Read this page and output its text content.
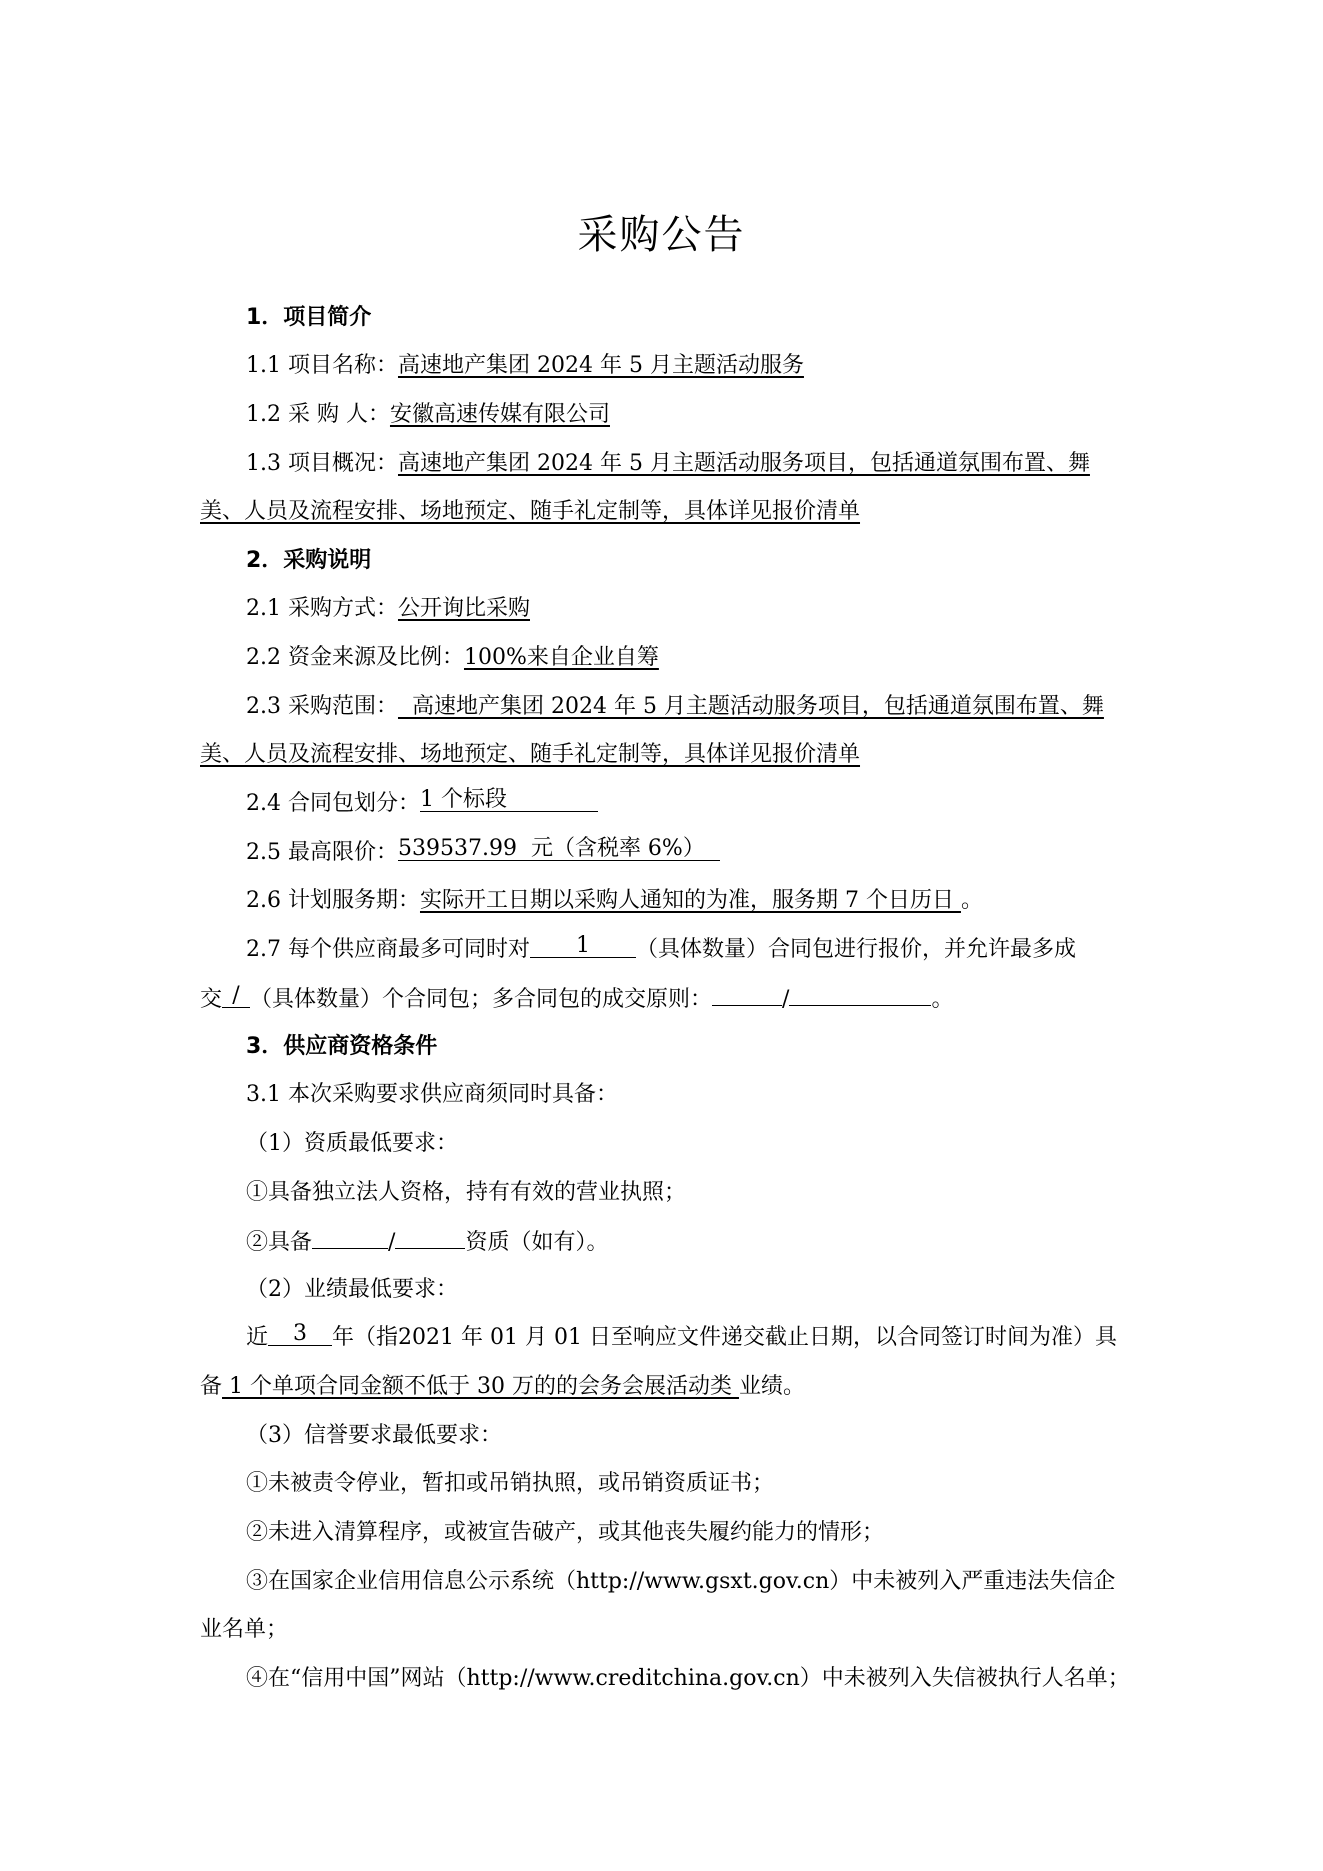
采购公告
1．项目简介
1.1 项目名称：高速地产集团 2024 年 5 月主题活动服务
1.2 采 购 人：安徽高速传媒有限公司
1.3 项目概况：高速地产集团 2024 年 5 月主题活动服务项目，包括通道氛围布置、舞
美、人员及流程安排、场地预定、随手礼定制等，具体详见报价清单
2．采购说明
2.1 采购方式：公开询比采购
2.2 资金来源及比例：100%来自企业自筹
2.3 采购范围：  高速地产集团 2024 年 5 月主题活动服务项目，包括通道氛围布置、舞
美、人员及流程安排、场地预定、随手礼定制等，具体详见报价清单
2.4 合同包划分：1 个标段
2.5 最高限价：539537.99  元（含税率 6%）
2.6 计划服务期：实际开工日期以采购人通知的为准，服务期 7 个日历日 。
2.7 每个供应商最多可同时对 1 （具体数量）合同包进行报价，并允许最多成
交 / （具体数量）个合同包；多合同包的成交原则：	/	。
3．供应商资格条件
3.1 本次采购要求供应商须同时具备：
（1）资质最低要求：
①具备独立法人资格，持有有效的营业执照；
②具备	/	资质（如有）。
（2）业绩最低要求：
近 3 年（指2021 年 01 月 01 日至响应文件递交截止日期，以合同签订时间为准）具
备 1 个单项合同金额不低于 30 万的的会务会展活动类 业绩。
（3）信誉要求最低要求：
①未被责令停业，暂扣或吊销执照，或吊销资质证书；
②未进入清算程序，或被宣告破产，或其他丧失履约能力的情形；
③在国家企业信用信息公示系统（http://www.gsxt.gov.cn）中未被列入严重违法失信企
业名单；
④在“信用中国”网站（http://www.creditchina.gov.cn）中未被列入失信被执行人名单；
